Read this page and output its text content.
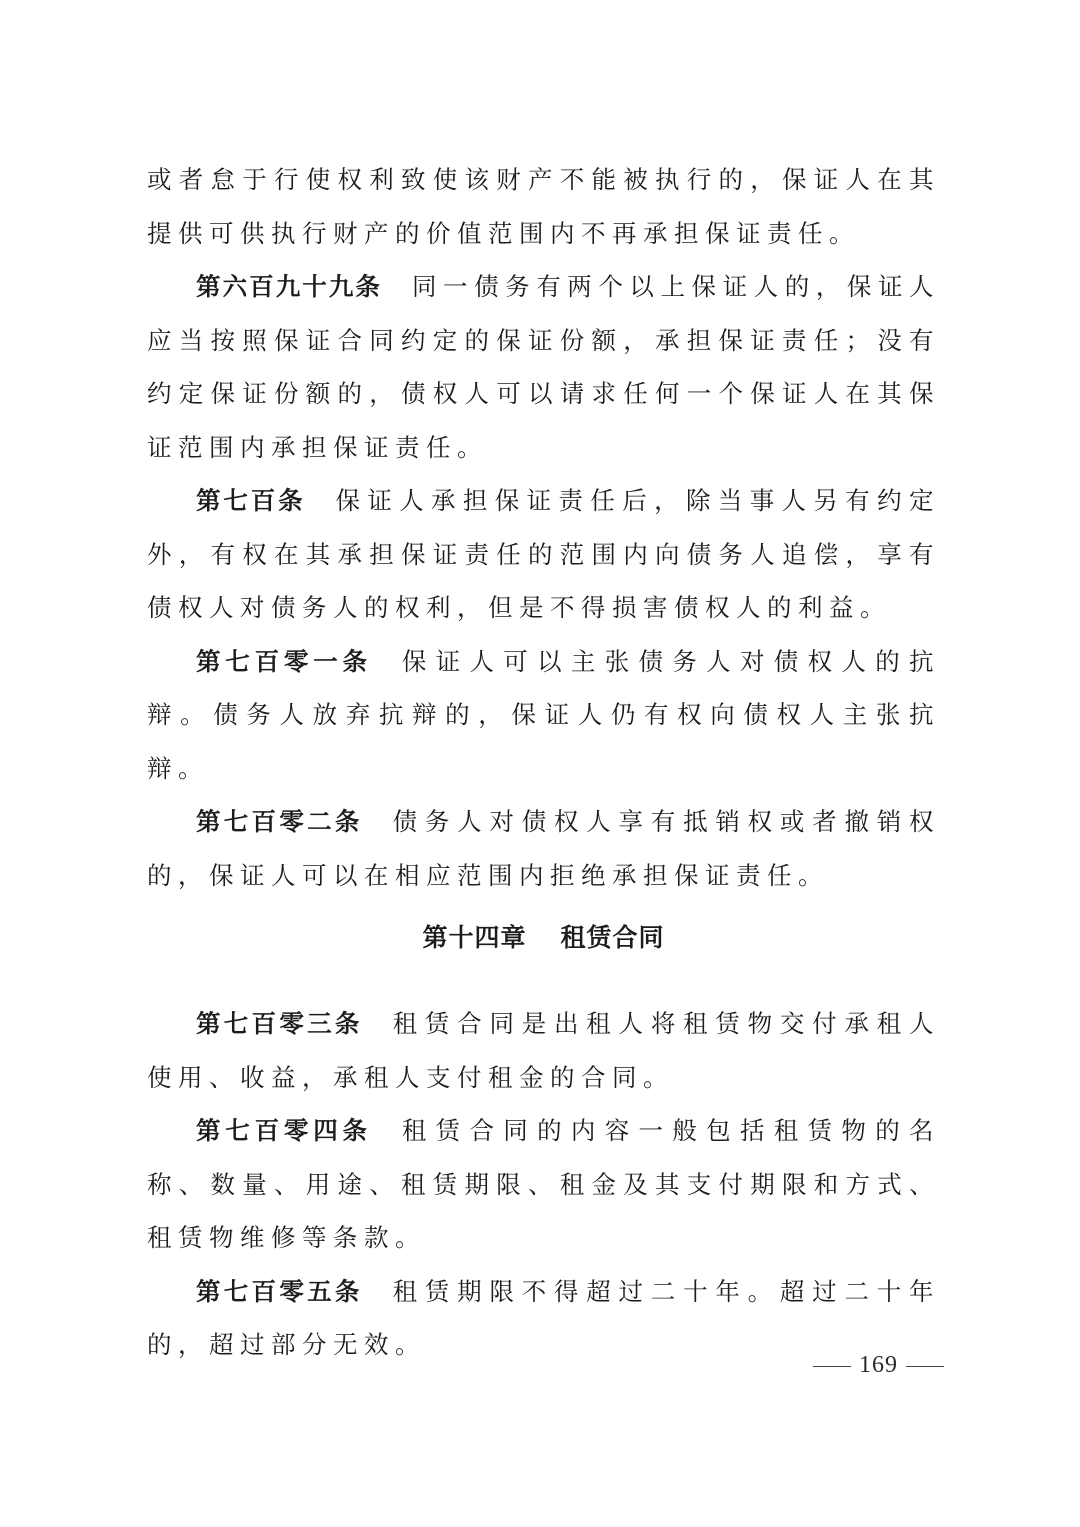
或者怠于行使权利致使该财产不能被执行的，保证人在其提供可供执行财产的价值范围内不再承担保证责任。

第六百九十九条 同一债务有两个以上保证人的，保证人应当按照保证合同约定的保证份额，承担保证责任；没有约定保证份额的，债权人可以请求任何一个保证人在其保证范围内承担保证责任。

第七百条 保证人承担保证责任后，除当事人另有约定外，有权在其承担保证责任的范围内向债务人追偿，享有债权人对债务人的权利，但是不得损害债权人的利益。

第七百零一条 保证人可以主张债务人对债权人的抗辩。债务人放弃抗辩的，保证人仍有权向债权人主张抗辩。

第七百零二条 债务人对债权人享有抵销权或者撤销权的，保证人可以在相应范围内拒绝承担保证责任。

第十四章 租赁合同

第七百零三条 租赁合同是出租人将租赁物交付承租人使用、收益，承租人支付租金的合同。

第七百零四条 租赁合同的内容一般包括租赁物的名称、数量、用途、租赁期限、租金及其支付期限和方式、租赁物维修等条款。

第七百零五条 租赁期限不得超过二十年。超过二十年的，超过部分无效。

169
